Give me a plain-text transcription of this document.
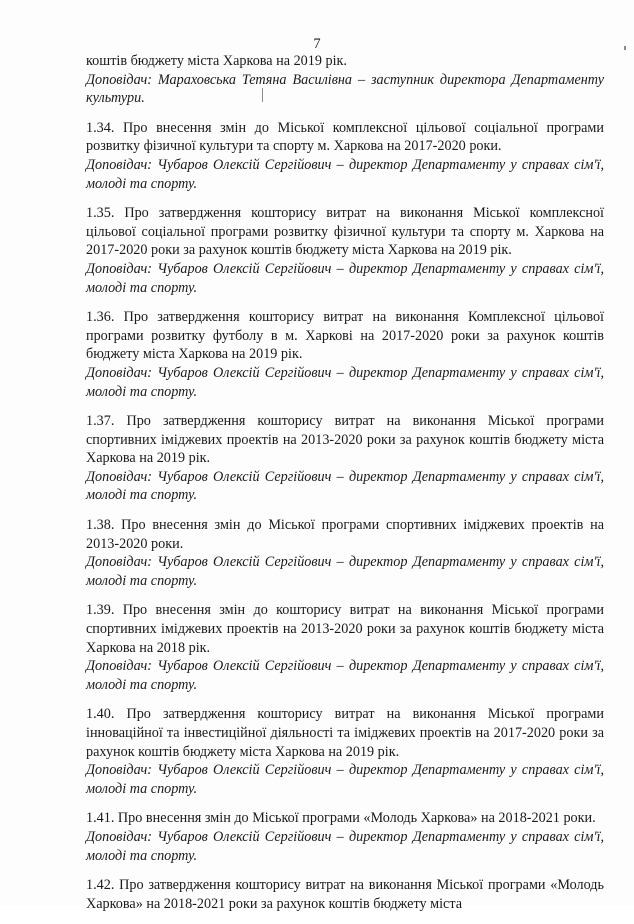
7

коштів бюджету міста Харкова на 2019 рік.

Доповідач: Мараховська Тетяна Василівна – заступник директора Департаменту культури.

1.34. Про внесення змін до Міської комплексної цільової соціальної програми розвитку фізичної культури та спорту м. Харкова на 2017-2020 роки.

Доповідач: Чубаров Олексій Сергійович – директор Департаменту у справах сім'ї, молоді та спорту.

1.35. Про затвердження кошторису витрат на виконання Міської комплексної цільової соціальної програми розвитку фізичної культури та спорту м. Харкова на 2017-2020 роки за рахунок коштів бюджету міста Харкова на 2019 рік.

Доповідач: Чубаров Олексій Сергійович – директор Департаменту у справах сім'ї, молоді та спорту.

1.36. Про затвердження кошторису витрат на виконання Комплексної цільової програми розвитку футболу в м. Харкові на 2017-2020 роки за рахунок коштів бюджету міста Харкова на 2019 рік.

Доповідач: Чубаров Олексій Сергійович – директор Департаменту у справах сім'ї, молоді та спорту.

1.37. Про затвердження кошторису витрат на виконання Міської програми спортивних іміджевих проектів на 2013-2020 роки за рахунок коштів бюджету міста Харкова на 2019 рік.

Доповідач: Чубаров Олексій Сергійович – директор Департаменту у справах сім'ї, молоді та спорту.

1.38. Про внесення змін до Міської програми спортивних іміджевих проектів на 2013-2020 роки.

Доповідач: Чубаров Олексій Сергійович – директор Департаменту у справах сім'ї, молоді та спорту.

1.39. Про внесення змін до кошторису витрат на виконання Міської програми спортивних іміджевих проектів на 2013-2020 роки за рахунок коштів бюджету міста Харкова на 2018 рік.

Доповідач: Чубаров Олексій Сергійович – директор Департаменту у справах сім'ї, молоді та спорту.

1.40. Про затвердження кошторису витрат на виконання Міської програми інноваційної та інвестиційної діяльності та іміджевих проектів на 2017-2020 роки за рахунок коштів бюджету міста Харкова на 2019 рік.

Доповідач: Чубаров Олексій Сергійович – директор Департаменту у справах сім'ї, молоді та спорту.

1.41. Про внесення змін до Міської програми «Молодь Харкова» на 2018-2021 роки.

Доповідач: Чубаров Олексій Сергійович – директор Департаменту у справах сім'ї, молоді та спорту.

1.42. Про затвердження кошторису витрат на виконання Міської програми «Молодь Харкова» на 2018-2021 роки за рахунок коштів бюджету міста
